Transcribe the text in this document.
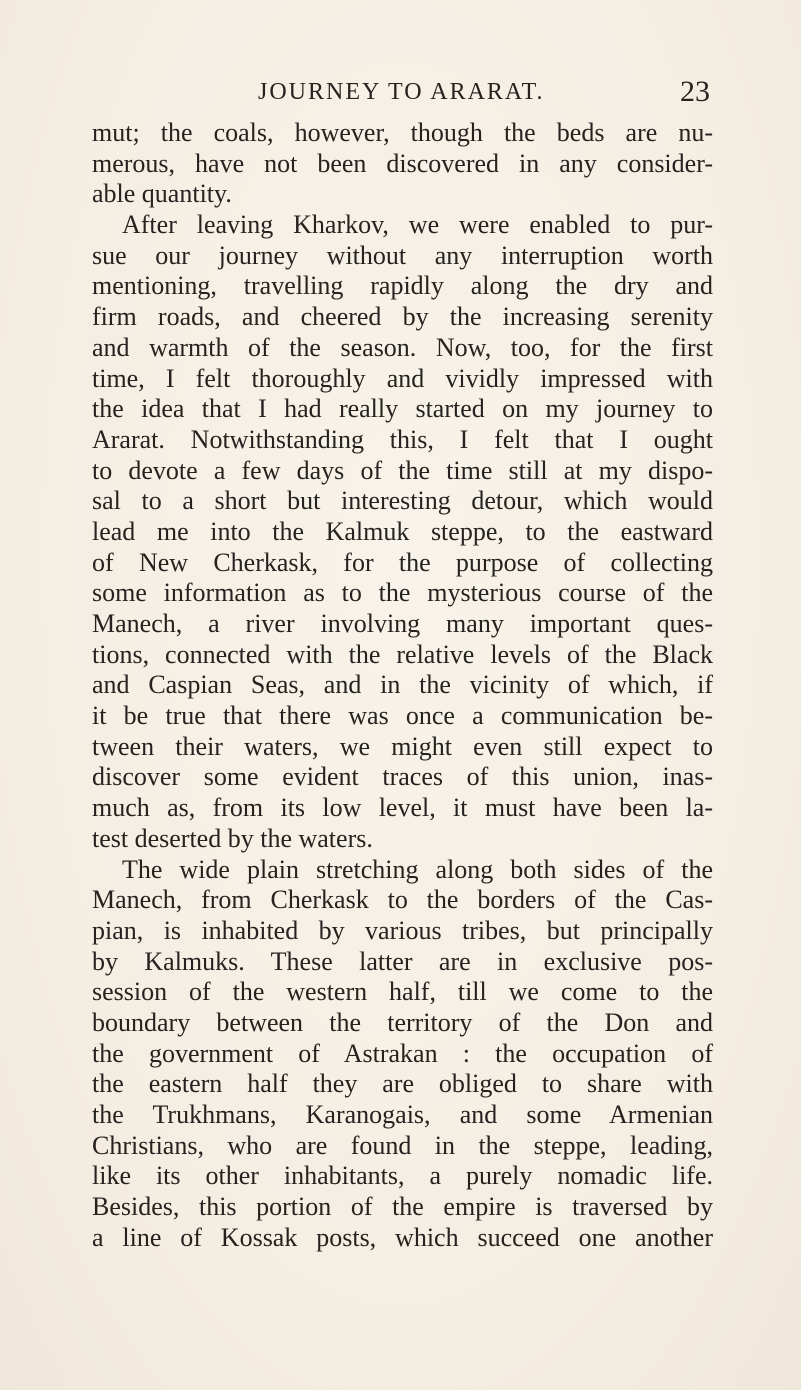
JOURNEY TO ARARAT.	23
mut; the coals, however, though the beds are nu-
merous, have not been discovered in any consider-
able quantity.
After leaving Kharkov, we were enabled to pur-
sue our journey without any interruption worth
mentioning, travelling rapidly along the dry and
firm roads, and cheered by the increasing serenity
and warmth of the season. Now, too, for the first
time, I felt thoroughly and vividly impressed with
the idea that I had really started on my journey to
Ararat. Notwithstanding this, I felt that I ought
to devote a few days of the time still at my dispo-
sal to a short but interesting detour, which would
lead me into the Kalmuk steppe, to the eastward
of New Cherkask, for the purpose of collecting
some information as to the mysterious course of the
Manech, a river involving many important ques-
tions, connected with the relative levels of the Black
and Caspian Seas, and in the vicinity of which, if
it be true that there was once a communication be-
tween their waters, we might even still expect to
discover some evident traces of this union, inas-
much as, from its low level, it must have been la-
test deserted by the waters.
The wide plain stretching along both sides of the
Manech, from Cherkask to the borders of the Cas-
pian, is inhabited by various tribes, but principally
by Kalmuks. These latter are in exclusive pos-
session of the western half, till we come to the
boundary between the territory of the Don and
the government of Astrakan : the occupation of
the eastern half they are obliged to share with
the Trukhmans, Karanogais, and some Armenian
Christians, who are found in the steppe, leading,
like its other inhabitants, a purely nomadic life.
Besides, this portion of the empire is traversed by
a line of Kossak posts, which succeed one another
